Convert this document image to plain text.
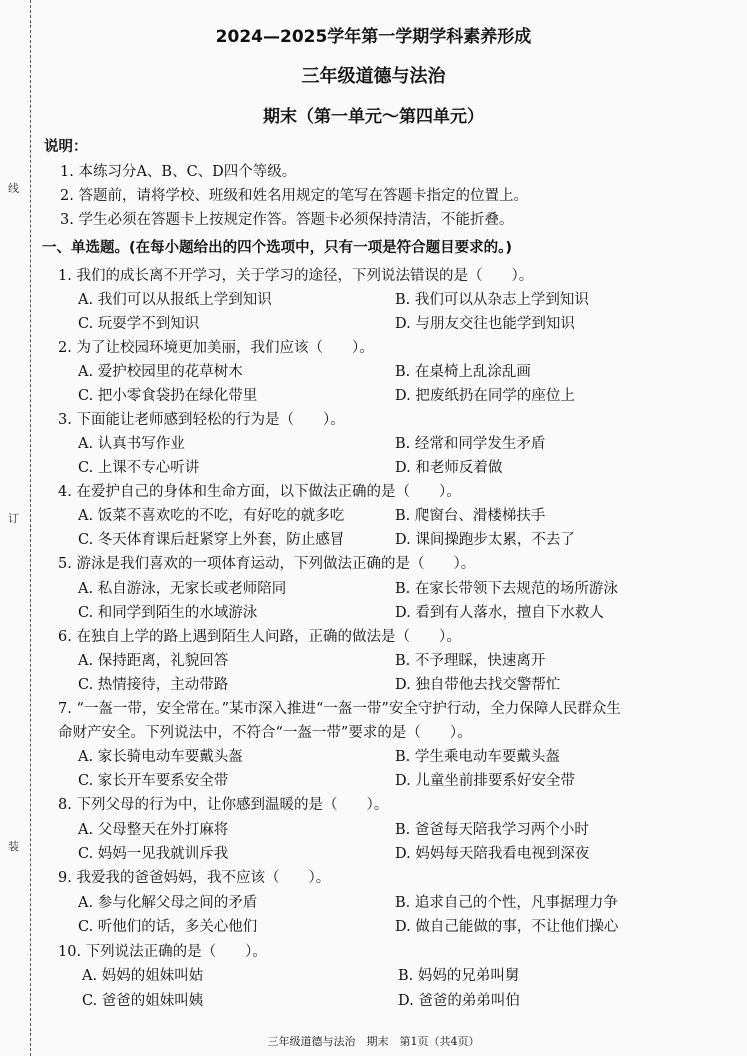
线
订
装
2024—2025学年第一学期学科素养形成
三年级道德与法治
期末（第一单元～第四单元）
说明：
1. 本练习分A、B、C、D四个等级。
2. 答题前，请将学校、班级和姓名用规定的笔写在答题卡指定的位置上。
3. 学生必须在答题卡上按规定作答。答题卡必须保持清洁，不能折叠。
一、单选题。(在每小题给出的四个选项中，只有一项是符合题目要求的。)
1. 我们的成长离不开学习，关于学习的途径，下列说法错误的是（　　）。
A. 我们可以从报纸上学到知识	B. 我们可以从杂志上学到知识
C. 玩耍学不到知识	D. 与朋友交往也能学到知识
2. 为了让校园环境更加美丽，我们应该（　　）。
A. 爱护校园里的花草树木	B. 在桌椅上乱涂乱画
C. 把小零食袋扔在绿化带里	D. 把废纸扔在同学的座位上
3. 下面能让老师感到轻松的行为是（　　）。
A. 认真书写作业	B. 经常和同学发生矛盾
C. 上课不专心听讲	D. 和老师反着做
4. 在爱护自己的身体和生命方面，以下做法正确的是（　　）。
A. 饭菜不喜欢吃的不吃，有好吃的就多吃	B. 爬窗台、滑楼梯扶手
C. 冬天体育课后赶紧穿上外套，防止感冒	D. 课间操跑步太累，不去了
5. 游泳是我们喜欢的一项体育运动，下列做法正确的是（　　）。
A. 私自游泳，无家长或老师陪同	B. 在家长带领下去规范的场所游泳
C. 和同学到陌生的水域游泳	D. 看到有人落水，擅自下水救人
6. 在独自上学的路上遇到陌生人问路，正确的做法是（　　）。
A. 保持距离，礼貌回答	B. 不予理睬，快速离开
C. 热情接待，主动带路	D. 独自带他去找交警帮忙
7. “一盔一带，安全常在。”某市深入推进“一盔一带”安全守护行动，全力保障人民群众生
命财产安全。下列说法中，不符合“一盔一带”要求的是（　　）。
A. 家长骑电动车要戴头盔	B. 学生乘电动车要戴头盔
C. 家长开车要系安全带	D. 儿童坐前排要系好安全带
8. 下列父母的行为中，让你感到温暖的是（　　）。
A. 父母整天在外打麻将	B. 爸爸每天陪我学习两个小时
C. 妈妈一见我就训斥我	D. 妈妈每天陪我看电视到深夜
9. 我爱我的爸爸妈妈，我不应该（　　）。
A. 参与化解父母之间的矛盾	B. 追求自己的个性，凡事据理力争
C. 听他们的话，多关心他们	D. 做自己能做的事，不让他们操心
10. 下列说法正确的是（　　）。
A. 妈妈的姐妹叫姑	B. 妈妈的兄弟叫舅
C. 爸爸的姐妹叫姨	D. 爸爸的弟弟叫伯
三年级道德与法治　期末　第1页（共4页）
